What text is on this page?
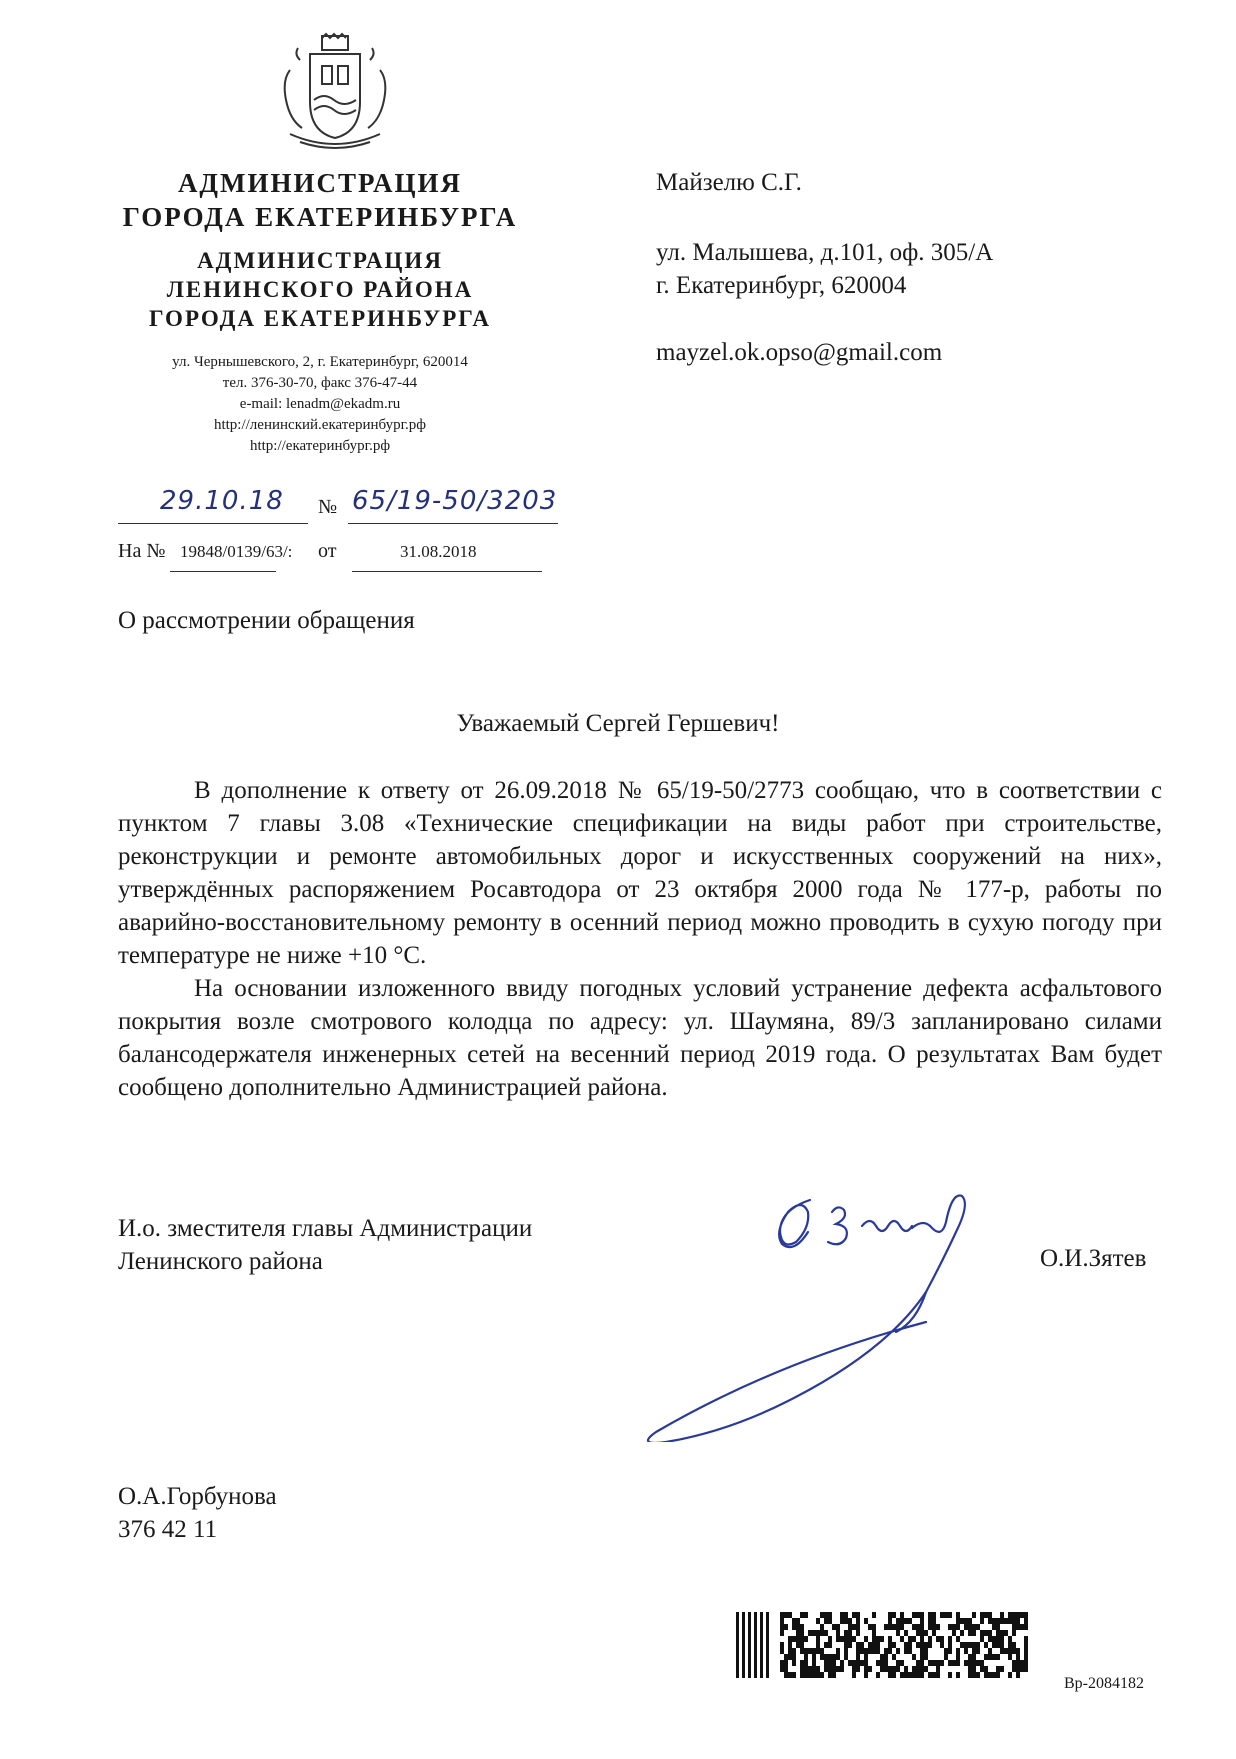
АДМИНИСТРАЦИЯ
ГОРОДА ЕКАТЕРИНБУРГА
АДМИНИСТРАЦИЯ
ЛЕНИНСКОГО РАЙОНА
ГОРОДА ЕКАТЕРИНБУРГА
ул. Чернышевского, 2, г. Екатеринбург, 620014
тел. 376-30-70, факс 376-47-44
e-mail: lenadm@ekadm.ru
http://ленинский.екатеринбург.рф
http://екатеринбург.рф
29.10.18 № 65/19-50/3203
На № 19848/0139/63/: от	31.08.2018
Майзелю С.Г.
ул. Малышева, д.101, оф. 305/А
г. Екатеринбург, 620004
mayzel.ok.opso@gmail.com
О рассмотрении обращения
Уважаемый Сергей Гершевич!

В дополнение к ответу от 26.09.2018 № 65/19-50/2773 сообщаю, что в соответствии с пунктом 7 главы 3.08 «Технические спецификации на виды работ при строительстве, реконструкции и ремонте автомобильных дорог и искусственных сооружений на них», утверждённых распоряжением Росавтодора от 23 октября 2000 года № 177-р, работы по аварийно-восстановительному ремонту в осенний период можно проводить в сухую погоду при температуре не ниже +10 °С.

На основании изложенного ввиду погодных условий устранение дефекта асфальтового покрытия возле смотрового колодца по адресу: ул. Шаумяна, 89/3 запланировано силами балансодержателя инженерных сетей на весенний период 2019 года. О результатах Вам будет сообщено дополнительно Администрацией района.

И.о. зместителя главы Администрации
Ленинского района	О.И.Зятев
О.А.Горбунова
376 42 11
Вр-2084182
